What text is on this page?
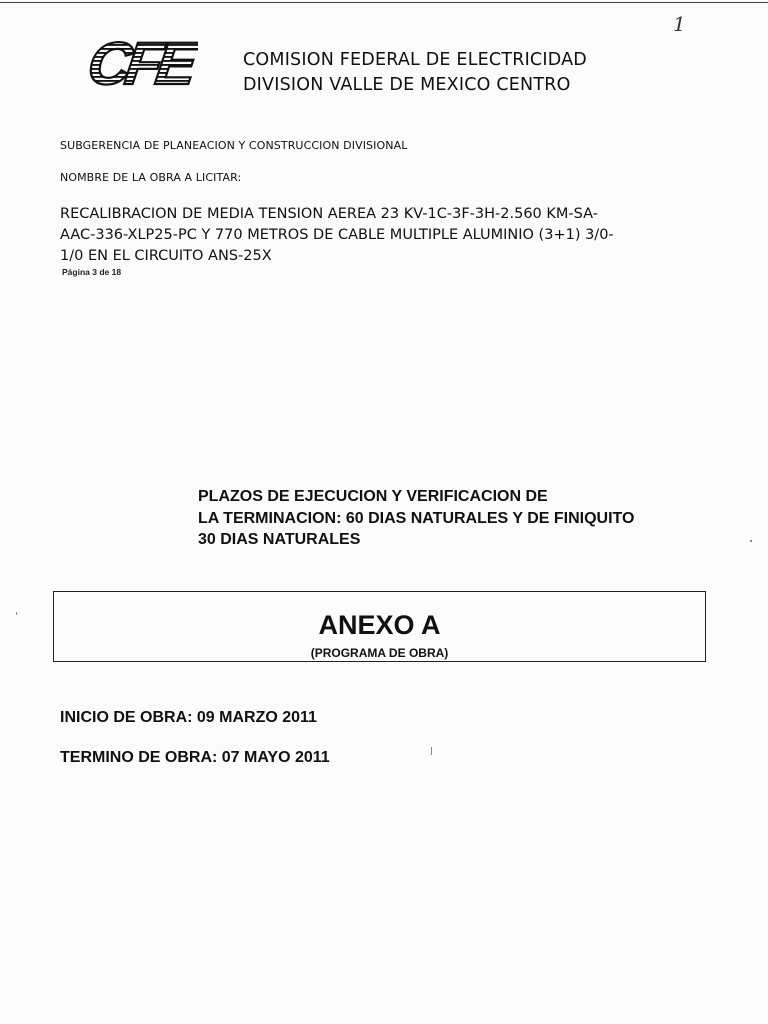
1
CFE	COMISION FEDERAL DE ELECTRICIDAD
DIVISION VALLE DE MEXICO CENTRO
SUBGERENCIA DE PLANEACION Y CONSTRUCCION DIVISIONAL
NOMBRE DE LA OBRA A LICITAR:
RECALIBRACION DE MEDIA TENSION AEREA 23 KV-1C-3F-3H-2.560 KM-SA-
AAC-336-XLP25-PC Y 770 METROS DE CABLE MULTIPLE ALUMINIO (3+1) 3/0-
1/0 EN EL CIRCUITO ANS-25X
Página 3 de 18
PLAZOS DE EJECUCION Y VERIFICACION DE
LA TERMINACION: 60 DIAS NATURALES Y DE FINIQUITO
30 DIAS NATURALES
ANEXO A
(PROGRAMA DE OBRA)
INICIO DE OBRA: 09 MARZO 2011
TERMINO DE OBRA: 07 MAYO 2011
